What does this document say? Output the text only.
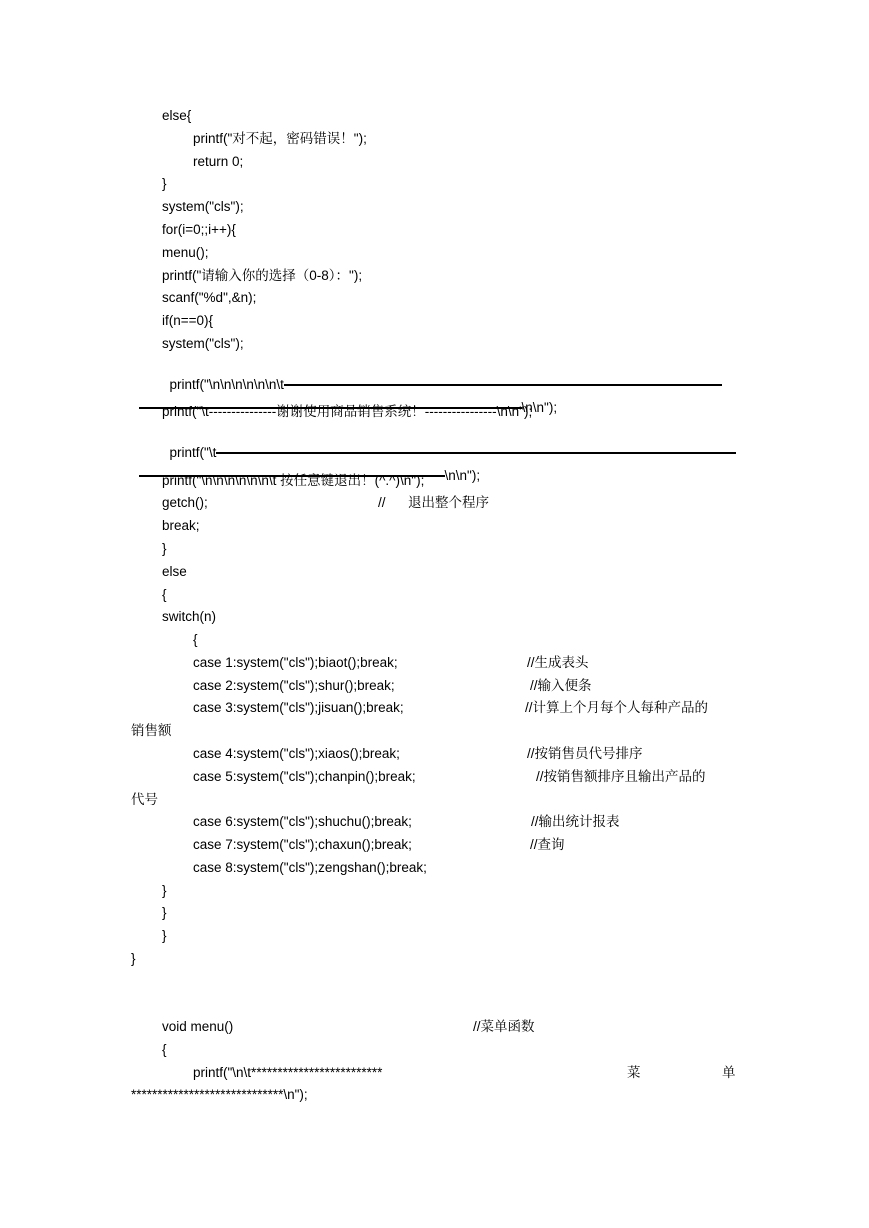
else{
printf("对不起，密码错误！");
return 0;
}
system("cls");
for(i=0;;i++){
menu();
printf("请输入你的选择（0-8）：");
scanf("%d",&n);
if(n==0){
system("cls");

printf("\n\n\n\n\n\n\t

\n\n");

printf("\t---------------谢谢使用商品销售系统！----------------\n\n");

printf("\t

\n\n");

printf("\n\n\n\n\n\n\t 按任意键退出！(^.^)\n");
getch();	//      退出整个程序
break;
}
else
{
switch(n)
{
case 1:system("cls");biaot();break;	//生成表头
case 2:system("cls");shur();break;	//输入便条
case 3:system("cls");jisuan();break;	//计算上个月每个人每种产品的
销售额
case 4:system("cls");xiaos();break;	//按销售员代号排序
case 5:system("cls");chanpin();break;	//按销售额排序且输出产品的
代号
case 6:system("cls");shuchu();break;	//输出统计报表
case 7:system("cls");chaxun();break;	//查询
case 8:system("cls");zengshan();break;
}
}
}
}
void menu()	//菜单函数
{
printf("\n\t*************************	菜	单
*****************************\n");
